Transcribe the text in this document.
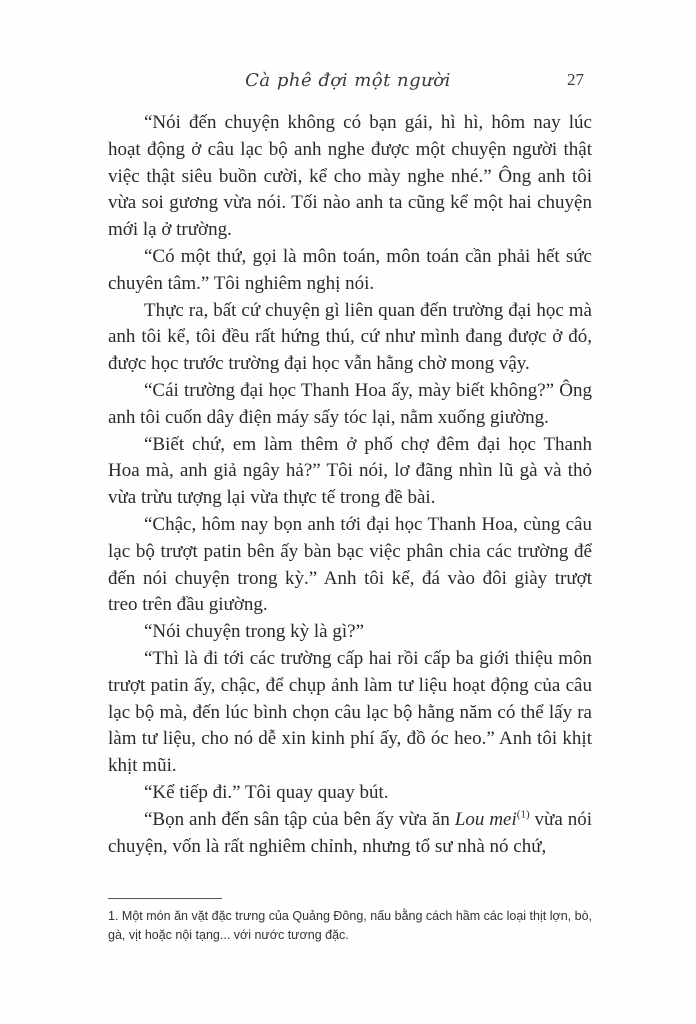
Cà phê đợi một người	27

“Nói đến chuyện không có bạn gái, hì hì, hôm nay lúc hoạt động ở câu lạc bộ anh nghe được một chuyện người thật việc thật siêu buồn cười, kể cho mày nghe nhé.” Ông anh tôi vừa soi gương vừa nói. Tối nào anh ta cũng kể một hai chuyện mới lạ ở trường.

“Có một thứ, gọi là môn toán, môn toán cần phải hết sức chuyên tâm.” Tôi nghiêm nghị nói.

Thực ra, bất cứ chuyện gì liên quan đến trường đại học mà anh tôi kể, tôi đều rất hứng thú, cứ như mình đang được ở đó, được học trước trường đại học vẫn hằng chờ mong vậy.

“Cái trường đại học Thanh Hoa ấy, mày biết không?” Ông anh tôi cuốn dây điện máy sấy tóc lại, nằm xuống giường.

“Biết chứ, em làm thêm ở phố chợ đêm đại học Thanh Hoa mà, anh giả ngây hả?” Tôi nói, lơ đãng nhìn lũ gà và thỏ vừa trừu tượng lại vừa thực tế trong đề bài.

“Chậc, hôm nay bọn anh tới đại học Thanh Hoa, cùng câu lạc bộ trượt patin bên ấy bàn bạc việc phân chia các trường để đến nói chuyện trong kỳ.” Anh tôi kể, đá vào đôi giày trượt treo trên đầu giường.

“Nói chuyện trong kỳ là gì?”

“Thì là đi tới các trường cấp hai rồi cấp ba giới thiệu môn trượt patin ấy, chậc, để chụp ảnh làm tư liệu hoạt động của câu lạc bộ mà, đến lúc bình chọn câu lạc bộ hằng năm có thể lấy ra làm tư liệu, cho nó dễ xin kinh phí ấy, đồ óc heo.” Anh tôi khịt khịt mũi.

“Kể tiếp đi.” Tôi quay quay bút.

“Bọn anh đến sân tập của bên ấy vừa ăn Lou mei$^{(1)}$ vừa nói chuyện, vốn là rất nghiêm chỉnh, nhưng tổ sư nhà nó chứ,

1. Một món ăn vặt đặc trưng của Quảng Đông, nấu bằng cách hầm các loại thịt lợn, bò, gà, vịt hoặc nội tạng... với nước tương đặc.
